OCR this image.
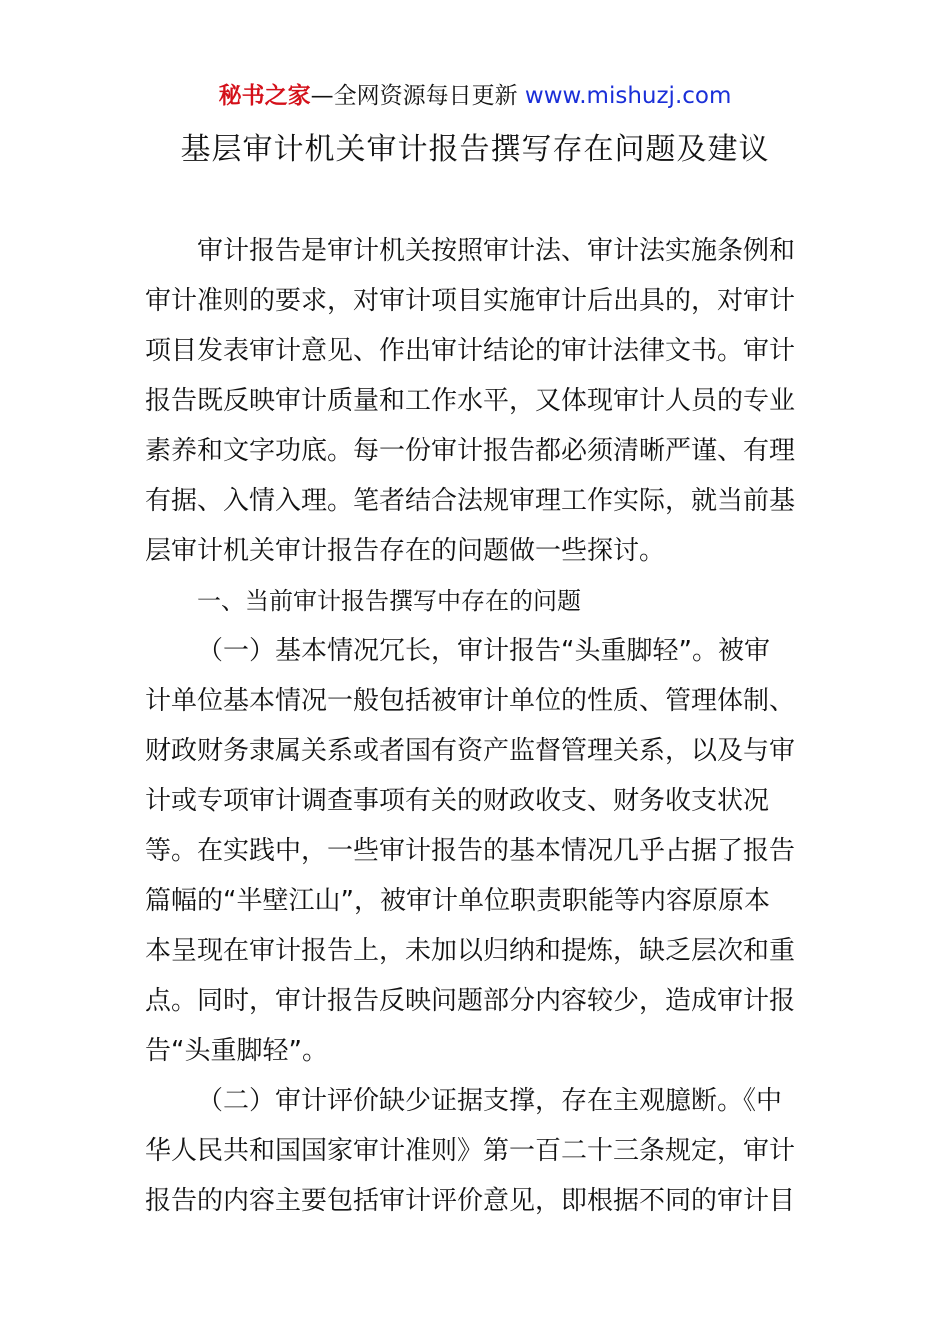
秘书之家—全网资源每日更新 www.mishuzj.com
基层审计机关审计报告撰写存在问题及建议
审计报告是审计机关按照审计法、审计法实施条例和
审计准则的要求，对审计项目实施审计后出具的，对审计
项目发表审计意见、作出审计结论的审计法律文书。审计
报告既反映审计质量和工作水平，又体现审计人员的专业
素养和文字功底。每一份审计报告都必须清晰严谨、有理
有据、入情入理。笔者结合法规审理工作实际，就当前基
层审计机关审计报告存在的问题做一些探讨。
一、当前审计报告撰写中存在的问题
（一）基本情况冗长，审计报告“头重脚轻”。被审
计单位基本情况一般包括被审计单位的性质、管理体制、
财政财务隶属关系或者国有资产监督管理关系，以及与审
计或专项审计调查事项有关的财政收支、财务收支状况
等。在实践中，一些审计报告的基本情况几乎占据了报告
篇幅的“半壁江山”，被审计单位职责职能等内容原原本
本呈现在审计报告上，未加以归纳和提炼，缺乏层次和重
点。同时，审计报告反映问题部分内容较少，造成审计报
告“头重脚轻”。
（二）审计评价缺少证据支撑，存在主观臆断。《中
华人民共和国国家审计准则》第一百二十三条规定，审计
报告的内容主要包括审计评价意见，即根据不同的审计目
